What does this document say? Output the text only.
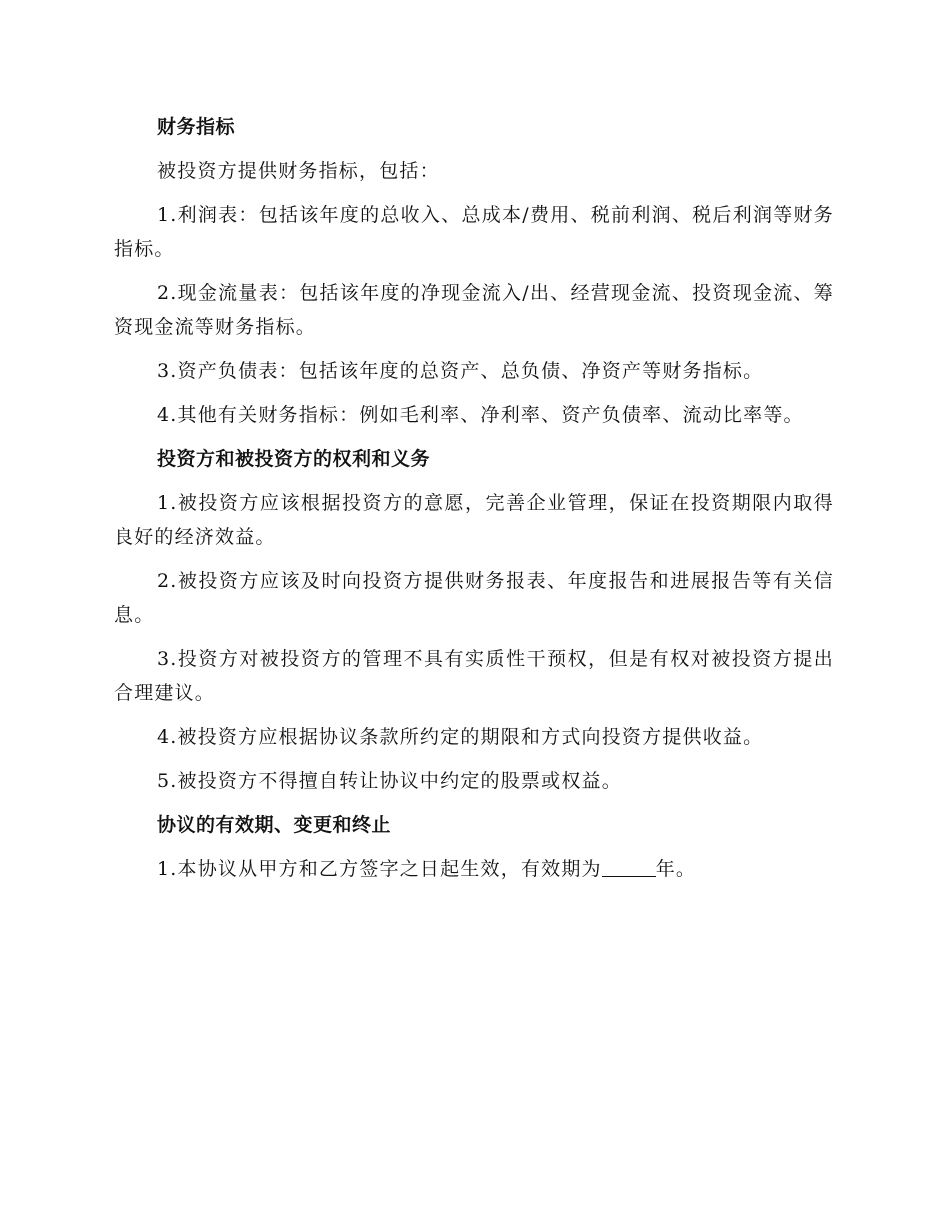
财务指标
被投资方提供财务指标，包括：
1.利润表：包括该年度的总收入、总成本/费用、税前利润、税后利润等财务指标。
2.现金流量表：包括该年度的净现金流入/出、经营现金流、投资现金流、筹资现金流等财务指标。
3.资产负债表：包括该年度的总资产、总负债、净资产等财务指标。
4.其他有关财务指标：例如毛利率、净利率、资产负债率、流动比率等。
投资方和被投资方的权利和义务
1.被投资方应该根据投资方的意愿，完善企业管理，保证在投资期限内取得良好的经济效益。
2.被投资方应该及时向投资方提供财务报表、年度报告和进展报告等有关信息。
3.投资方对被投资方的管理不具有实质性干预权，但是有权对被投资方提出合理建议。
4.被投资方应根据协议条款所约定的期限和方式向投资方提供收益。
5.被投资方不得擅自转让协议中约定的股票或权益。
协议的有效期、变更和终止
1.本协议从甲方和乙方签字之日起生效，有效期为	年。
